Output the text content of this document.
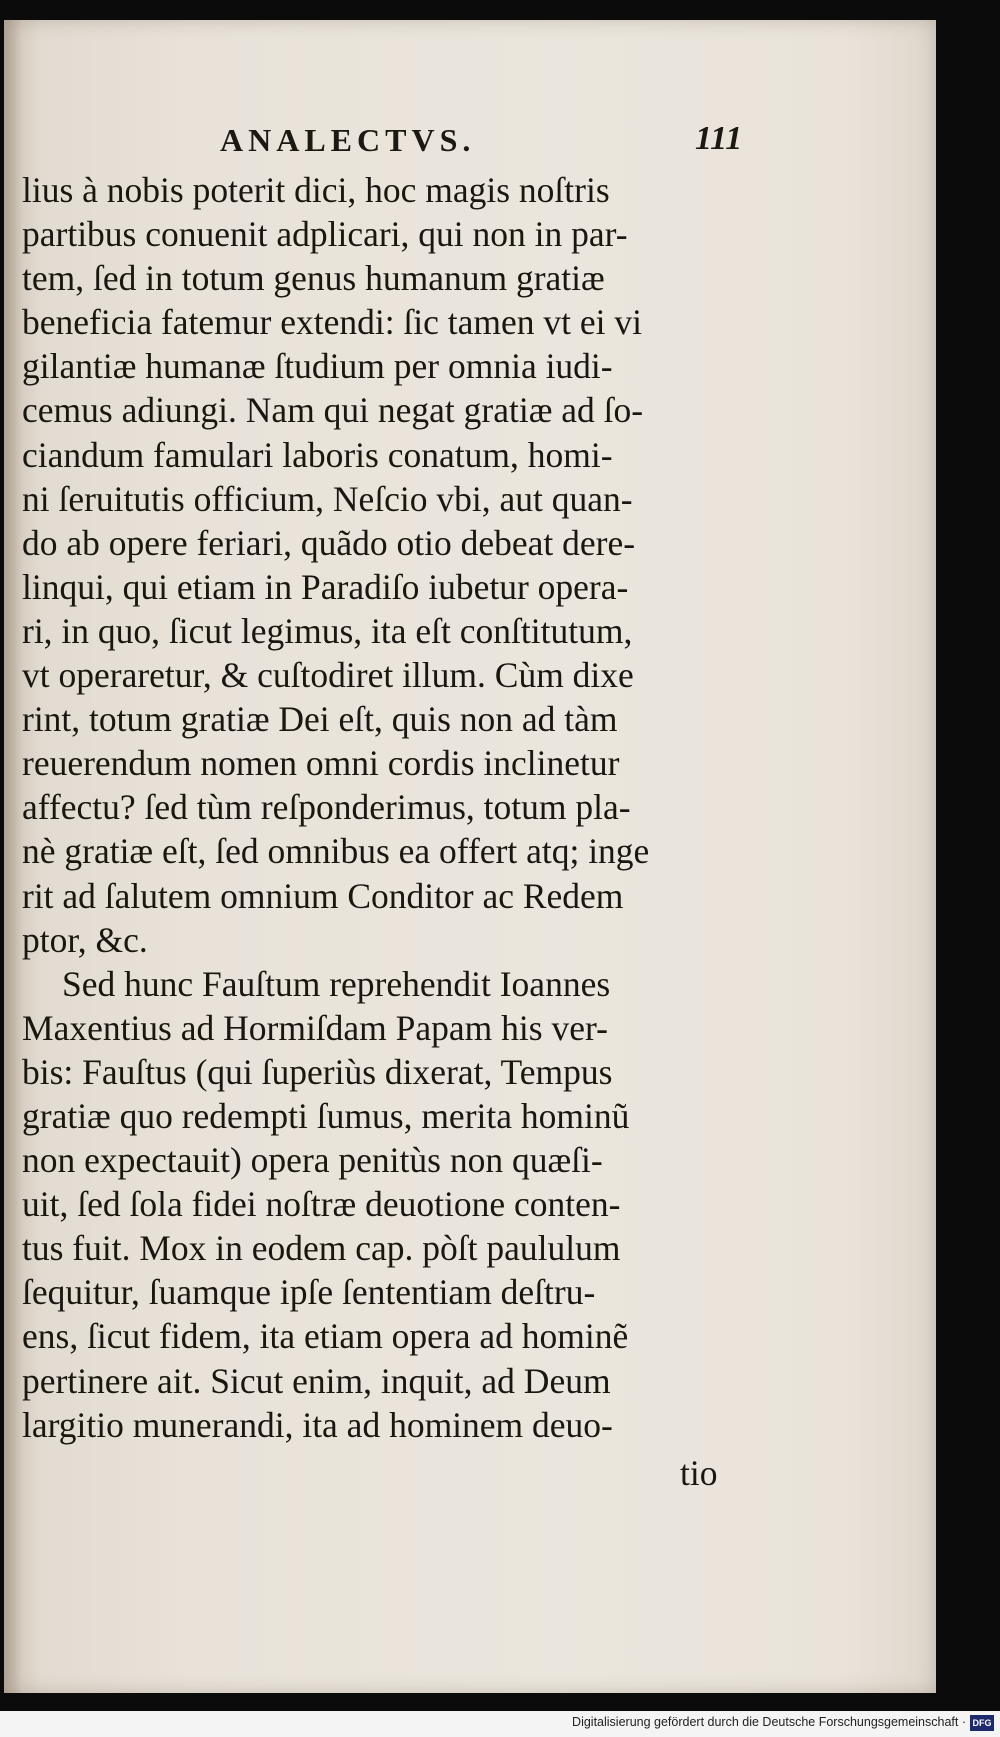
ANALECTVS.	111
lius à nobis poterit dici, hoc magis noſtris
partibus conuenit adplicari, qui non in par-
tem, ſed in totum genus humanum gratiæ
beneficia fatemur extendi: ſic tamen vt ei vi
gilantiæ humanæ ſtudium per omnia iudi-
cemus adiungi. Nam qui negat gratiæ ad ſo-
ciandum famulari laboris conatum, homi-
ni ſeruitutis officium, Neſcio vbi, aut quan-
do ab opere feriari, quãdo otio debeat dere-
linqui, qui etiam in Paradiſo iubetur opera-
ri, in quo, ſicut legimus, ita eſt conſtitutum,
vt operaretur, & cuſtodiret illum. Cùm dixe
rint, totum gratiæ Dei eſt, quis non ad tàm
reuerendum nomen omni cordis inclinetur
affectu? ſed tùm reſponderimus, totum pla-
nè gratiæ eſt, ſed omnibus ea offert atq; inge
rit ad ſalutem omnium Conditor ac Redem
ptor, &c.
Sed hunc Fauſtum reprehendit Ioannes
Maxentius ad Hormiſdam Papam his ver-
bis: Fauſtus (qui ſuperiùs dixerat, Tempus
gratiæ quo redempti ſumus, merita hominũ
non expectauit) opera penitùs non quæſi-
uit, ſed ſola fidei noſtræ deuotione conten-
tus fuit. Mox in eodem cap. pòſt paululum
ſequitur, ſuamque ipſe ſententiam deſtru-
ens, ſicut fidem, ita etiam opera ad hominẽ
pertinere ait. Sicut enim, inquit, ad Deum
largitio munerandi, ita ad hominem deuo-
tio
Digitalisierung gefördert durch die Deutsche Forschungsgemeinschaft · DFG
